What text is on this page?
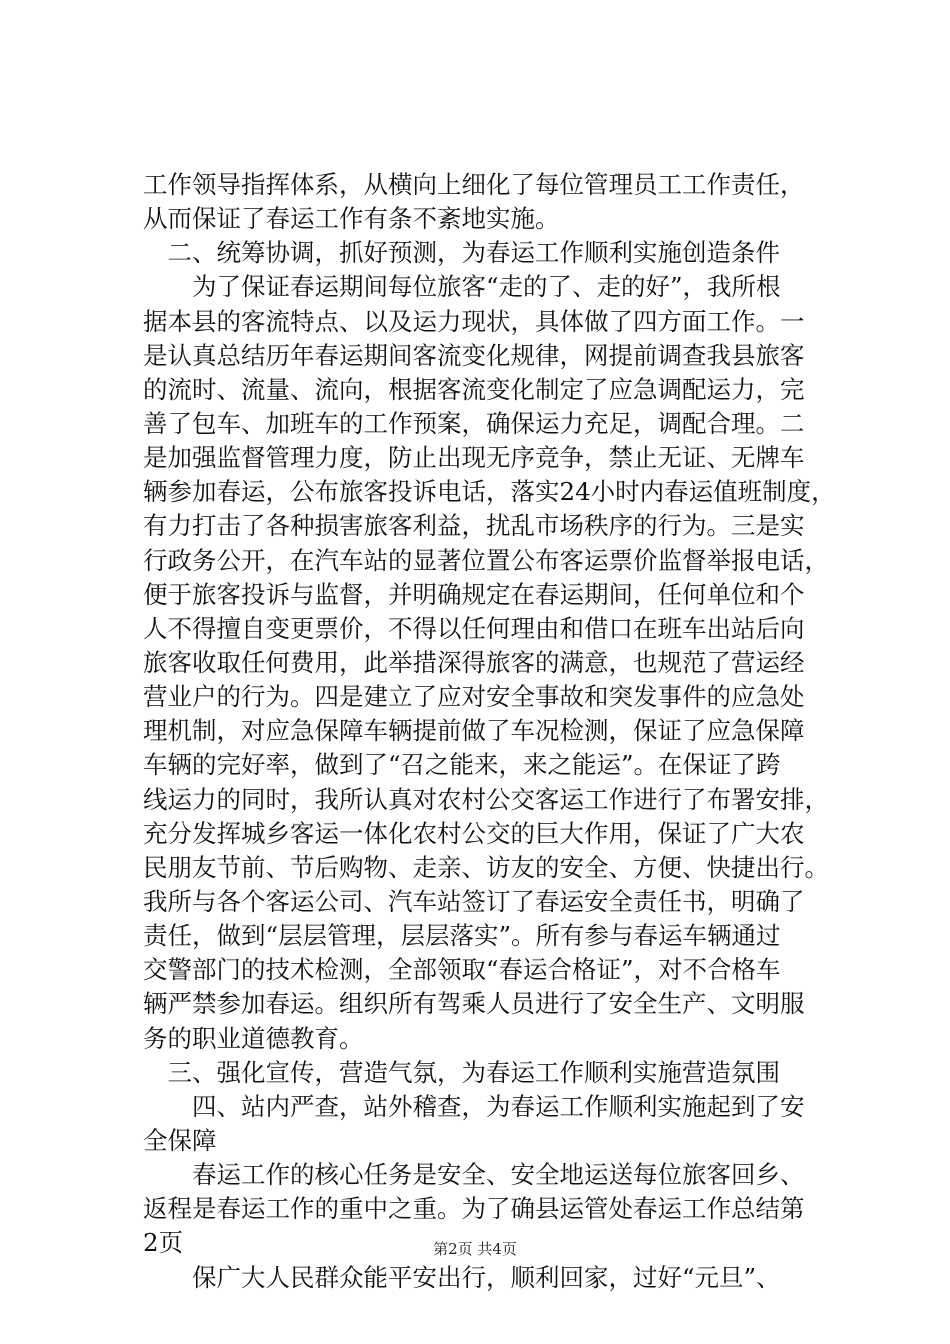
工作领导指挥体系，从横向上细化了每位管理员工工作责任，
从而保证了春运工作有条不紊地实施。
　二、统筹协调，抓好预测，为春运工作顺利实施创造条件
　　为了保证春运期间每位旅客“走的了、走的好”，我所根
据本县的客流特点、以及运力现状，具体做了四方面工作。一
是认真总结历年春运期间客流变化规律，网提前调查我县旅客
的流时、流量、流向，根据客流变化制定了应急调配运力，完
善了包车、加班车的工作预案，确保运力充足，调配合理。二
是加强监督管理力度，防止出现无序竞争，禁止无证、无牌车
辆参加春运，公布旅客投诉电话，落实24小时内春运值班制度，
有力打击了各种损害旅客利益，扰乱市场秩序的行为。三是实
行政务公开，在汽车站的显著位置公布客运票价监督举报电话，
便于旅客投诉与监督，并明确规定在春运期间，任何单位和个
人不得擅自变更票价，不得以任何理由和借口在班车出站后向
旅客收取任何费用，此举措深得旅客的满意，也规范了营运经
营业户的行为。四是建立了应对安全事故和突发事件的应急处
理机制，对应急保障车辆提前做了车况检测，保证了应急保障
车辆的完好率，做到了“召之能来，来之能运”。在保证了跨
线运力的同时，我所认真对农村公交客运工作进行了布署安排，
充分发挥城乡客运一体化农村公交的巨大作用，保证了广大农
民朋友节前、节后购物、走亲、访友的安全、方便、快捷出行。
我所与各个客运公司、汽车站签订了春运安全责任书，明确了
责任，做到“层层管理，层层落实”。所有参与春运车辆通过
交警部门的技术检测，全部领取“春运合格证”，对不合格车
辆严禁参加春运。组织所有驾乘人员进行了安全生产、文明服
务的职业道德教育。
　三、强化宣传，营造气氛，为春运工作顺利实施营造氛围
　　四、站内严查，站外稽查，为春运工作顺利实施起到了安
全保障
　　春运工作的核心任务是安全、安全地运送每位旅客回乡、
返程是春运工作的重中之重。为了确县运管处春运工作总结第
2页
　　保广大人民群众能平安出行，顺利回家，过好“元旦”、
第2页 共4页
